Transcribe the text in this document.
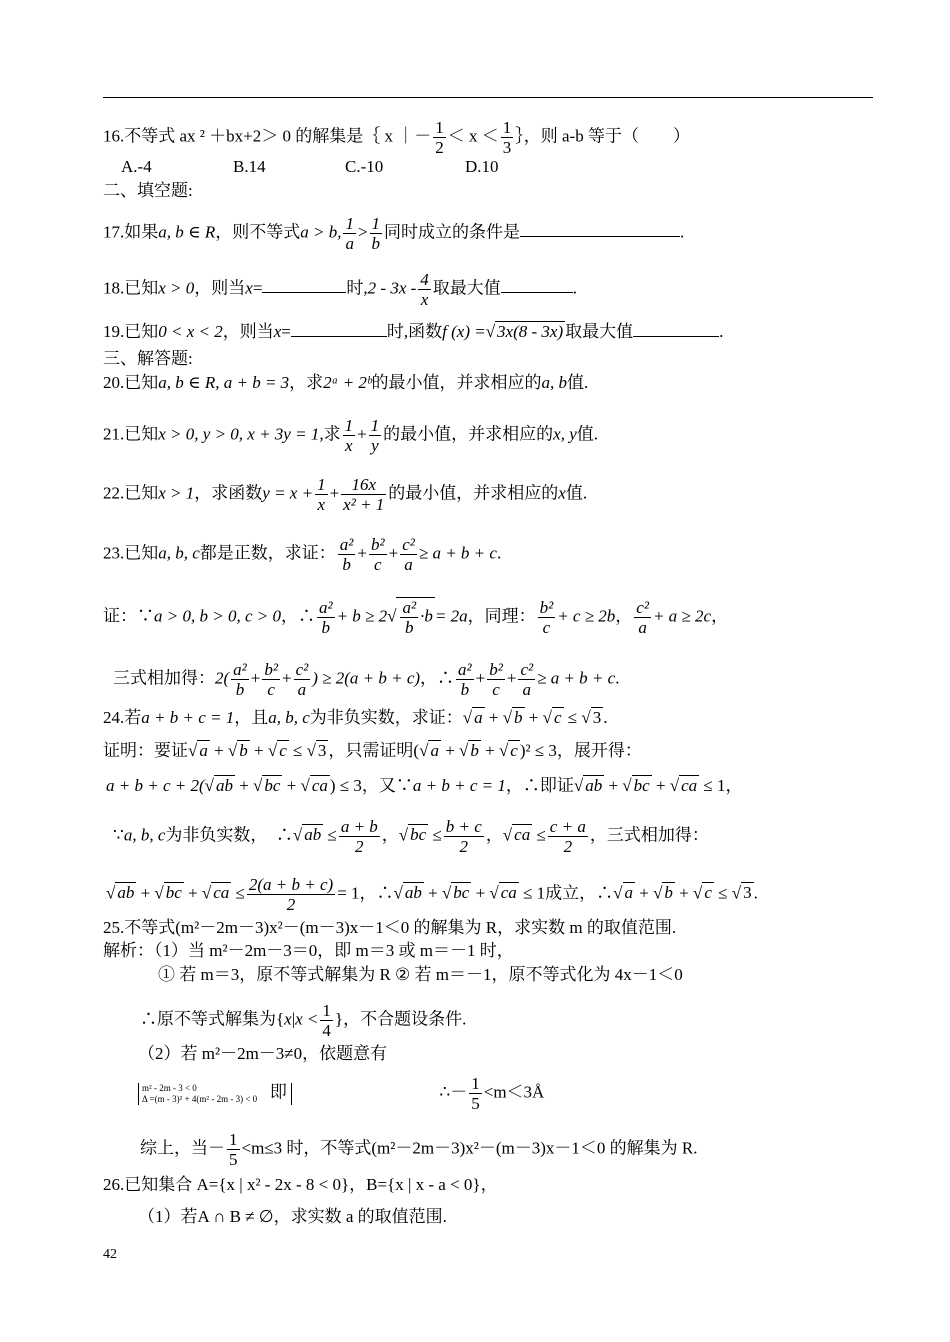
16.不等式 ax ² ＋bx+2＞ 0 的解集是｛ x ｜－ $\frac{1}{2} < x < \frac{1}{3}$ ｝，则 a-b 等于（　　）
A.-4	B.14	C.-10	D.10
二、填空题:
17.如果a, b ∈ R，则不等式a > b, $\frac{1}{a} > \frac{1}{b}$ 同时成立的条件是	.
18.已知x > 0，则当x=	时$,2 - 3x - \frac{4}{x}$ 取最大值	.
19.已知0 < x < 2，则当x=	时,函数f (x) =√ 3x(8 - 3x) 取最大值	.
三、解答题:
20.已知a, b ∈ R, a + b = 3，求2ᵃ + 2ᵇ的最小值，并求相应的a, b值.
21.已知x > 0, y > 0, x + 3y = 1,求 $\frac{1}{x} + \frac{1}{y}$ 的最小值，并求相应的x, y值.
22.已知x > 1，求函数$y = x + \frac{1}{x} + \frac{16x}{\text{x² + 1}}$ 的最小值，并求相应的x值.
23.已知a, b, c都是正数，求证： $\frac{\text{a²}}{b} + \frac{\text{b²}}{c} + \frac{\text{c²}}{a} \ge a + b + c$.
证：∵a > 0, b > 0, c > 0，∴ $\frac{\text{a²}}{b} + b \ge 2√ \frac{\text{a²}}{b} \cdot b = 2a$，同理： $\frac{\text{b²}}{c} + c \ge 2b$， $\frac{\text{c²}}{a} + a \ge 2c$，
三式相加得：$2( \frac{\text{a²}}{b} + \frac{\text{b²}}{c} + \frac{\text{c²}}{a}$ ) ≥ 2(a + b + c)，∴ $\frac{\text{a²}}{b} + \frac{\text{b²}}{c} + \frac{\text{c²}}{a} \ge a + b + c$.
24.若a + b + c = 1，且a, b, c为非负实数，求证：√ a + √ b + √ c ≤ √ 3 .
证明：要证√ a + √ b + √ c ≤ √ 3 ，只需证明(√ a + √ b + √ c )² ≤ 3，展开得：
a + b + c + 2(√ ab + √ bc + √ ca ) ≤ 3，又∵a + b + c = 1，∴即证√ ab + √ bc + √ ca ≤ 1，
∵a, b, c为非负实数， ∴√ ab ≤ $\frac{a + b}{2}$ ，√ bc ≤ $\frac{b + c}{2}$ ，√ ca ≤ $\frac{c + a}{2}$ ，三式相加得：
√ ab + √ bc + √ ca ≤ $\frac{2(a + b + c)}{2} = 1$，∴√ ab + √ bc + √ ca ≤ 1成立，∴√ a + √ b + √ c ≤ √ 3 .
25.不等式(m²－2m－3)x²－(m－3)x－1＜0 的解集为 R，求实数 m 的取值范围.
解析：（1）当 m²－2m－3＝0，即 m＝3 或 m＝－1 时，
① 若 m＝3，原不等式解集为 R ② 若 m＝－1，原不等式化为 4x－1＜0
∴原不等式解集为{$x|x < \frac{1}{4}$ }，不合题设条件.
（2）若 m²－2m－3≠0，依题意有
m² - 2m - 3 < 0
Δ =(m - 3)² + 4(m² - 2m - 3) < 0 即	∴－ $\frac{1}{5}$ <m＜3Å
综上，当－ $\frac{1}{5} <m\le 3$ 时，不等式(m²－2m－3)x²－(m－3)x－1＜0 的解集为 R.
26.已知集合 A={x | x² - 2x - 8 < 0}，B={x | x - a < 0}，
（1）若A ∩ B ≠ ∅，求实数 a 的取值范围.
42
